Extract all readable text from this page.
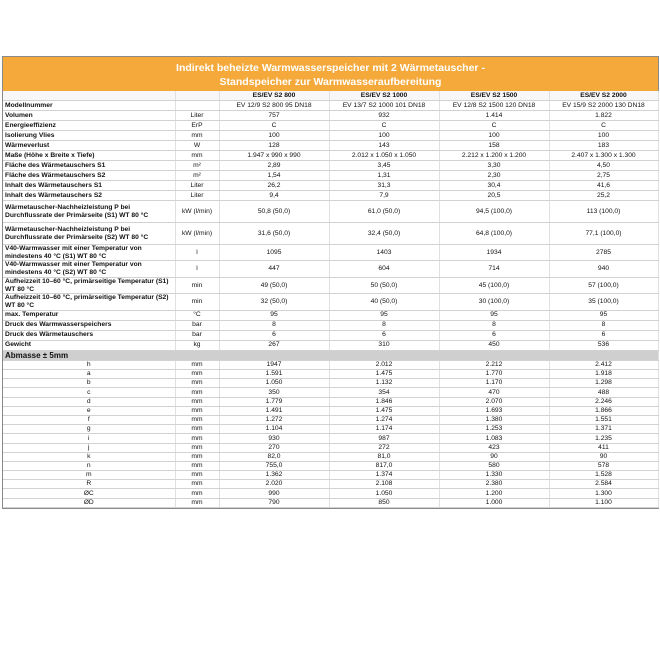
Indirekt beheizte Warmwasserspeicher mit 2 Wärmetauscher -
Standspeicher zur Warmwasseraufbereitung
		ES/EV S2 800	ES/EV S2 1000	ES/EV S2 1500	ES/EV S2 2000
Modellnummer		EV 12/9 S2 800 95 DN18	EV 13/7 S2 1000 101 DN18	EV 12/8 S2 1500 120 DN18	EV 15/9 S2 2000 130 DN18
Volumen	Liter	757	932	1.414	1.822
Energieeffizienz	ErP	C	C	C	C
Isolierung Vlies	mm	100	100	100	100
Wärmeverlust	W	128	143	158	183
Maße (Höhe x Breite x Tiefe)	mm	1.947 x 990 x 990	2.012 x 1.050 x 1.050	2.212 x 1.200 x 1.200	2.407 x 1.300 x 1.300
Fläche des Wärmetauschers S1	m²	2,89	3,45	3,30	4,50
Fläche des Wärmetauschers S2	m²	1,54	1,31	2,30	2,75
Inhalt des Wärmetauschers S1	Liter	26,2	31,3	30,4	41,6
Inhalt des Wärmetauschers S2	Liter	9,4	7,9	20,5	25,2
Wärmetauscher-Nachheizleistung P bei Durchflussrate der Primärseite (S1) WT 80 °C	kW (l/min)	50,8 (50,0)	61,0 (50,0)	94,5 (100,0)	113 (100,0)
Wärmetauscher-Nachheizleistung P bei Durchflussrate der Primärseite (S2) WT 80 °C	kW (l/min)	31,6 (50,0)	32,4 (50,0)	64,8 (100,0)	77,1 (100,0)
V40-Warmwasser mit einer Temperatur von mindestens 40 °C (S1) WT 80 °C	l	1095	1403	1934	2785
V40-Warmwasser mit einer Temperatur von mindestens 40 °C (S2) WT 80 °C	l	447	604	714	940
Aufheizzeit 10–60 °C, primärseitige Temperatur (S1) WT 80 °C	min	49 (50,0)	50 (50,0)	45 (100,0)	57 (100,0)
Aufheizzeit 10–60 °C, primärseitige Temperatur (S2) WT 80 °C	min	32 (50,0)	40 (50,0)	30 (100,0)	35 (100,0)
max. Temperatur	°C	95	95	95	95
Druck des Warmwasserspeichers	bar	8	8	8	8
Druck des Wärmetauschers	bar	6	6	6	6
Gewicht	kg	267	310	450	536
Abmasse ± 5mm					
h	mm	1947	2.012	2.212	2.412
a	mm	1.591	1.475	1.770	1.918
b	mm	1.050	1.132	1.170	1.298
c	mm	350	354	470	488
d	mm	1.779	1.846	2.070	2.246
e	mm	1.491	1.475	1.693	1.866
f	mm	1.272	1.274	1.380	1.551
g	mm	1.104	1.174	1.253	1.371
i	mm	930	987	1.083	1.235
j	mm	270	272	423	411
k	mm	82,0	81,0	90	90
n	mm	755,0	817,0	580	578
m	mm	1.362	1.374	1.330	1.528
R	mm	2.020	2.108	2.380	2.584
ØC	mm	990	1.050	1.200	1.300
ØD	mm	790	850	1.000	1.100
